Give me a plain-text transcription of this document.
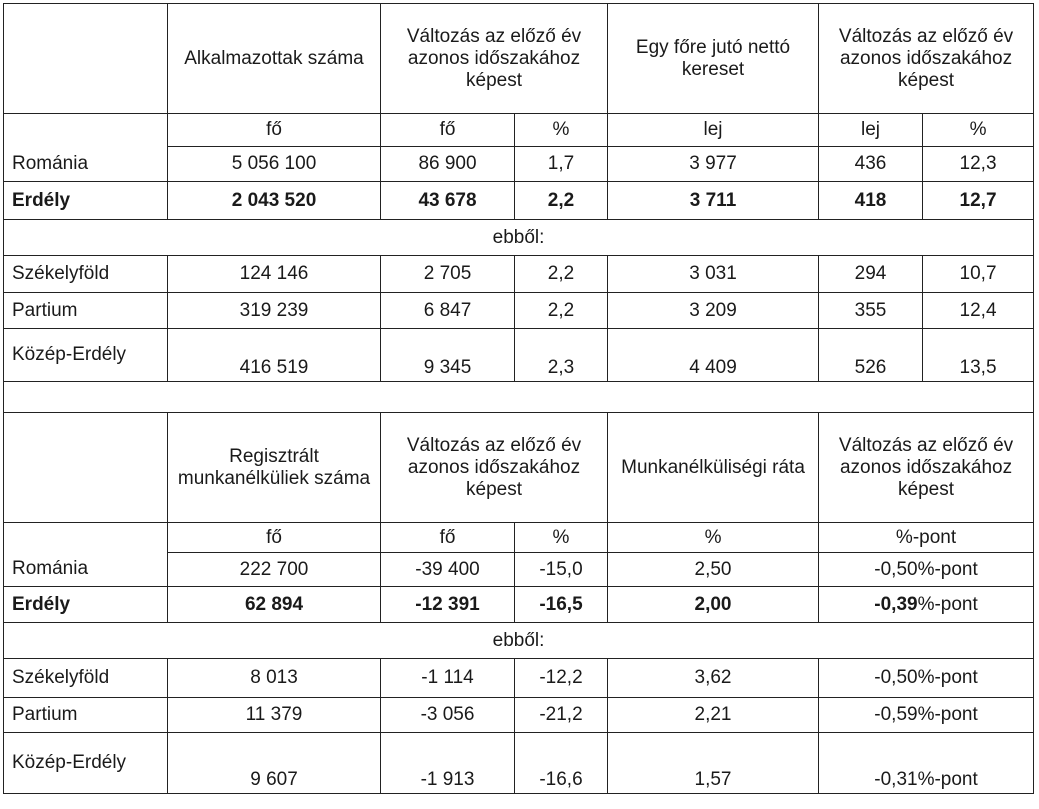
	Alkalmazottak száma	Változás az előző év azonos időszakához képest		Egy főre jutó nettó kereset	Változás az előző év azonos időszakához képest	
	fő	fő	%	lej	lej	%
Románia	5 056 100	86 900	1,7	3 977	436	12,3
Erdély	2 043 520	43 678	2,2	3 711	418	12,7
ebből:						
Székelyföld	124 146	2 705	2,2	3 031	294	10,7
Partium	319 239	6 847	2,2	3 209	355	12,4
Közép-Erdély	416 519	9 345	2,3	4 409	526	13,5

	Regisztrált munkanélküliek száma	Változás az előző év azonos időszakához képest		Munkanélküliségi ráta	Változás az előző év azonos időszakához képest	
	fő	fő	%	%	%-pont	
Románia	222 700	-39 400	-15,0	2,50	-0,50%-pont	
Erdély	62 894	-12 391	-16,5	2,00	-0,39%-pont	
ebből:						
Székelyföld	8 013	-1 114	-12,2	3,62	-0,50%-pont	
Partium	11 379	-3 056	-21,2	2,21	-0,59%-pont	
Közép-Erdély	9 607	-1 913	-16,6	1,57	-0,31%-pont	
